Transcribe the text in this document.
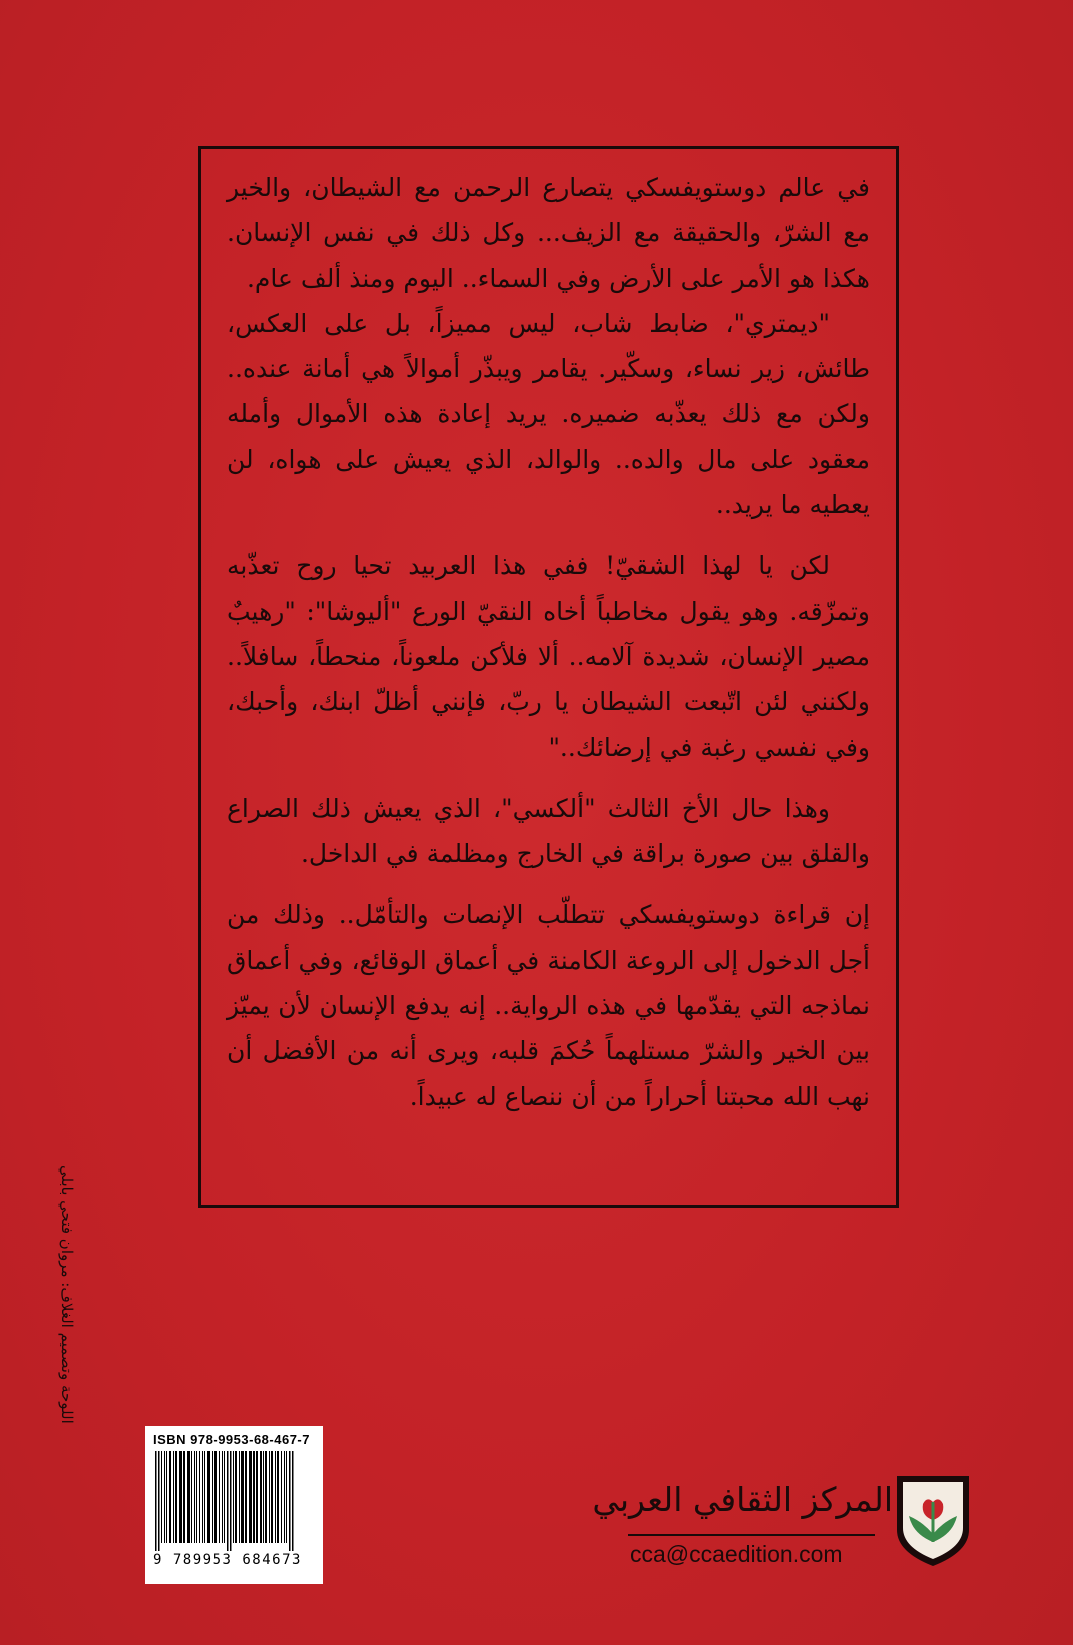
في عالم دوستويفسكي يتصارع الرحمن مع الشيطان، والخير مع الشرّ، والحقيقة مع الزيف... وكل ذلك في نفس الإنسان. هكذا هو الأمر على الأرض وفي السماء.. اليوم ومنذ ألف عام.

"ديمتري"، ضابط شاب، ليس مميزاً، بل على العكس، طائش، زير نساء، وسكّير. يقامر ويبذّر أموالاً هي أمانة عنده.. ولكن مع ذلك يعذّبه ضميره. يريد إعادة هذه الأموال وأمله معقود على مال والده.. والوالد، الذي يعيش على هواه، لن يعطيه ما يريد..

لكن يا لهذا الشقيّ! ففي هذا العربيد تحيا روح تعذّبه وتمزّقه. وهو يقول مخاطباً أخاه النقيّ الورع "أليوشا": "رهيبٌ مصير الإنسان، شديدة آلامه.. ألا فلأكن ملعوناً، منحطاً، سافلاً.. ولكنني لئن اتّبعت الشيطان يا ربّ، فإنني أظلّ ابنك، وأحبك، وفي نفسي رغبة في إرضائك.."

وهذا حال الأخ الثالث "ألكسي"، الذي يعيش ذلك الصراع والقلق بين صورة براقة في الخارج ومظلمة في الداخل.

إن قراءة دوستويفسكي تتطلّب الإنصات والتأمّل.. وذلك من أجل الدخول إلى الروعة الكامنة في أعماق الوقائع، وفي أعماق نماذجه التي يقدّمها في هذه الرواية.. إنه يدفع الإنسان لأن يميّز بين الخير والشرّ مستلهماً حُكمَ قلبه، ويرى أنه من الأفضل أن نهب الله محبتنا أحراراً من أن ننصاع له عبيداً.

اللوحة وتصميم الغلاف: مروان فتحي بابلي
ISBN 978-9953-68-467-7
9 789953 684673
المركز الثقافي العربي
cca@ccaedition.com
